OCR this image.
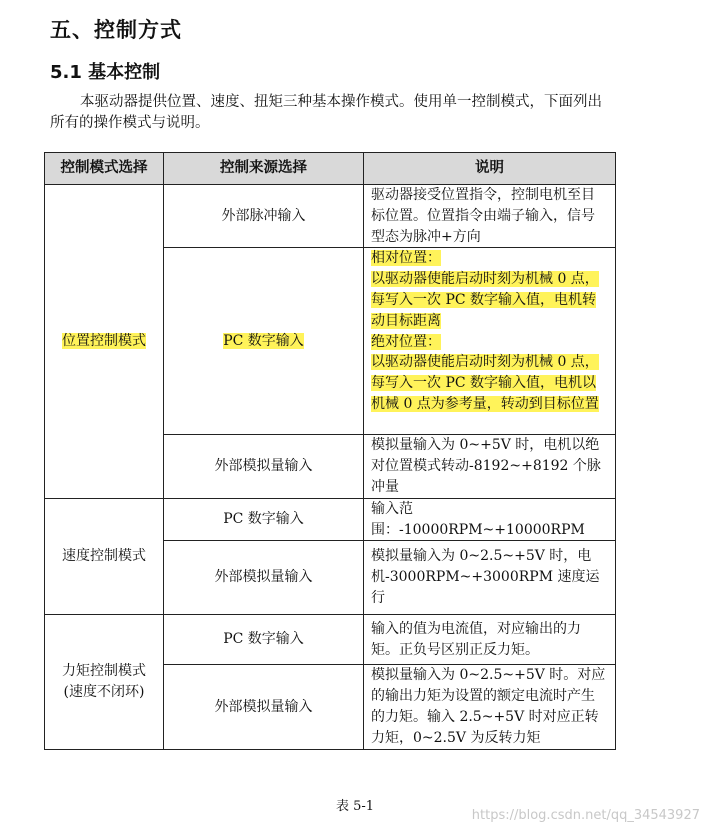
五、控制方式
5.1 基本控制
本驱动器提供位置、速度、扭矩三种基本操作模式。使用单一控制模式，下面列出所有的操作模式与说明。
控制模式选择	控制来源选择	说明
位置控制模式	外部脉冲输入	驱动器接受位置指令，控制电机至目标位置。位置指令由端子输入，信号型态为脉冲+方向
	PC 数字输入	相对位置：
以驱动器使能启动时刻为机械 0 点，每写入一次 PC 数字输入值，电机转动目标距离
绝对位置：
以驱动器使能启动时刻为机械 0 点，每写入一次 PC 数字输入值，电机以机械 0 点为参考量，转动到目标位置
	外部模拟量输入	模拟量输入为 0~+5V 时，电机以绝对位置模式转动-8192~+8192 个脉冲量
速度控制模式	PC 数字输入	输入范围：-10000RPM~+10000RPM
	外部模拟量输入	模拟量输入为 0~2.5~+5V 时，电机-3000RPM~+3000RPM 速度运行
力矩控制模式
(速度不闭环)	PC 数字输入	输入的值为电流值，对应输出的力矩。正负号区别正反力矩。
	外部模拟量输入	模拟量输入为 0~2.5~+5V 时。对应的输出力矩为设置的额定电流时产生的力矩。输入 2.5~+5V 时对应正转力矩，0~2.5V 为反转力矩
表 5-1
https://blog.csdn.net/qq_34543927
